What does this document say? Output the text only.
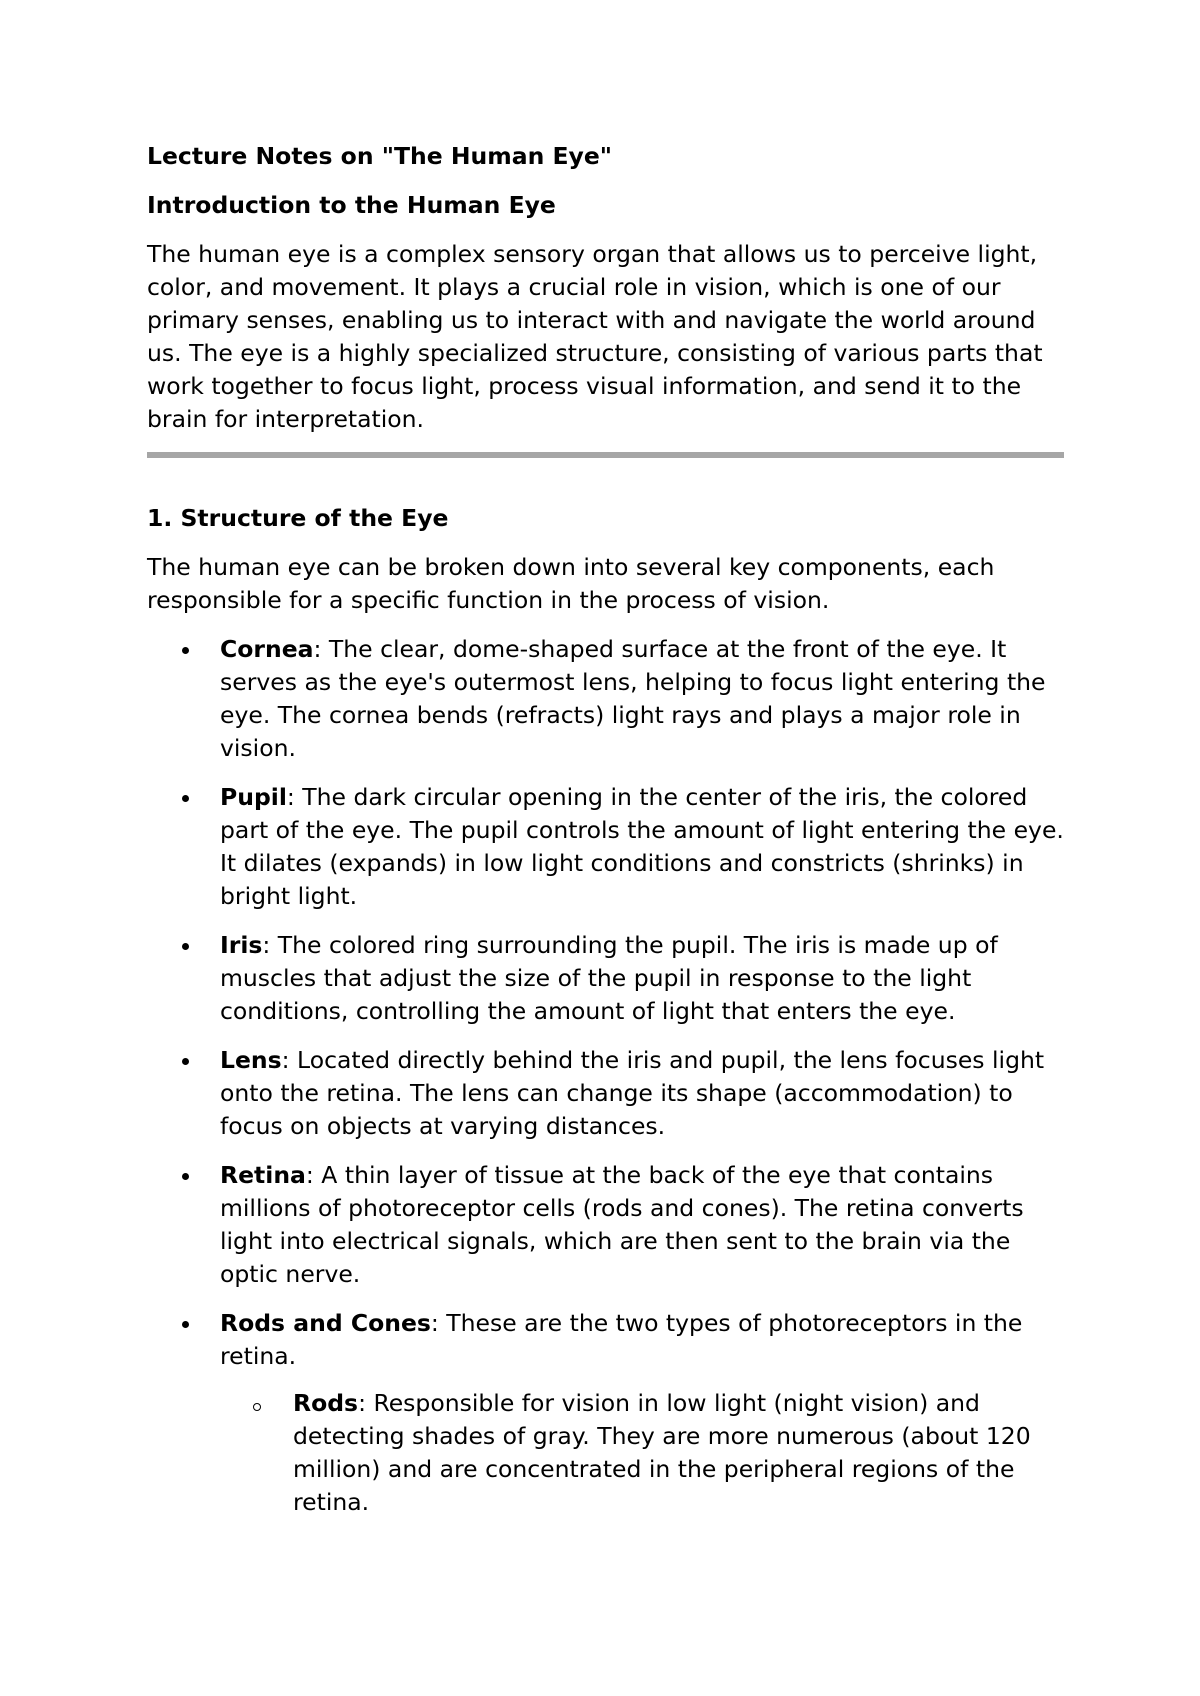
Lecture Notes on "The Human Eye"

Introduction to the Human Eye

The human eye is a complex sensory organ that allows us to perceive light, color, and movement. It plays a crucial role in vision, which is one of our primary senses, enabling us to interact with and navigate the world around us. The eye is a highly specialized structure, consisting of various parts that work together to focus light, process visual information, and send it to the brain for interpretation.

1. Structure of the Eye

The human eye can be broken down into several key components, each responsible for a specific function in the process of vision.

Cornea: The clear, dome-shaped surface at the front of the eye. It serves as the eye's outermost lens, helping to focus light entering the eye. The cornea bends (refracts) light rays and plays a major role in vision.
Pupil: The dark circular opening in the center of the iris, the colored part of the eye. The pupil controls the amount of light entering the eye. It dilates (expands) in low light conditions and constricts (shrinks) in bright light.
Iris: The colored ring surrounding the pupil. The iris is made up of muscles that adjust the size of the pupil in response to the light conditions, controlling the amount of light that enters the eye.
Lens: Located directly behind the iris and pupil, the lens focuses light onto the retina. The lens can change its shape (accommodation) to focus on objects at varying distances.
Retina: A thin layer of tissue at the back of the eye that contains millions of photoreceptor cells (rods and cones). The retina converts light into electrical signals, which are then sent to the brain via the optic nerve.
Rods and Cones: These are the two types of photoreceptors in the retina.
Rods: Responsible for vision in low light (night vision) and detecting shades of gray. They are more numerous (about 120 million) and are concentrated in the peripheral regions of the retina.
